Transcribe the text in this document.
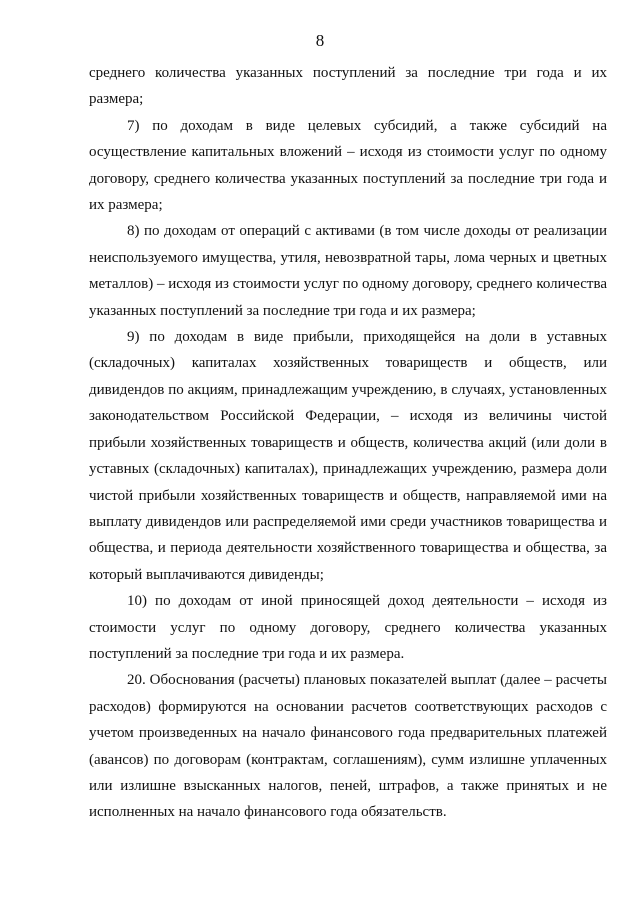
8

среднего количества указанных поступлений за последние три года и их размера;

7) по доходам в виде целевых субсидий, а также субсидий на осуществление капитальных вложений – исходя из стоимости услуг по одному договору, среднего количества указанных поступлений за последние три года и их размера;

8) по доходам от операций с активами (в том числе доходы от реализации неиспользуемого имущества, утиля, невозвратной тары, лома черных и цветных металлов) – исходя из стоимости услуг по одному договору, среднего количества указанных поступлений за последние три года и их размера;

9) по доходам в виде прибыли, приходящейся на доли в уставных (складочных) капиталах хозяйственных товариществ и обществ, или дивидендов по акциям, принадлежащим учреждению, в случаях, установленных законодательством Российской Федерации, – исходя из величины чистой прибыли хозяйственных товариществ и обществ, количества акций (или доли в уставных (складочных) капиталах), принадлежащих учреждению, размера доли чистой прибыли хозяйственных товариществ и обществ, направляемой ими на выплату дивидендов или распределяемой ими среди участников товарищества и общества, и периода деятельности хозяйственного товарищества и общества, за который выплачиваются дивиденды;

10) по доходам от иной приносящей доход деятельности – исходя из стоимости услуг по одному договору, среднего количества указанных поступлений за последние три года и их размера.

20. Обоснования (расчеты) плановых показателей выплат (далее – расчеты расходов) формируются на основании расчетов соответствующих расходов с учетом произведенных на начало финансового года предварительных платежей (авансов) по договорам (контрактам, соглашениям), сумм излишне уплаченных или излишне взысканных налогов, пеней, штрафов, а также принятых и не исполненных на начало финансового года обязательств.
